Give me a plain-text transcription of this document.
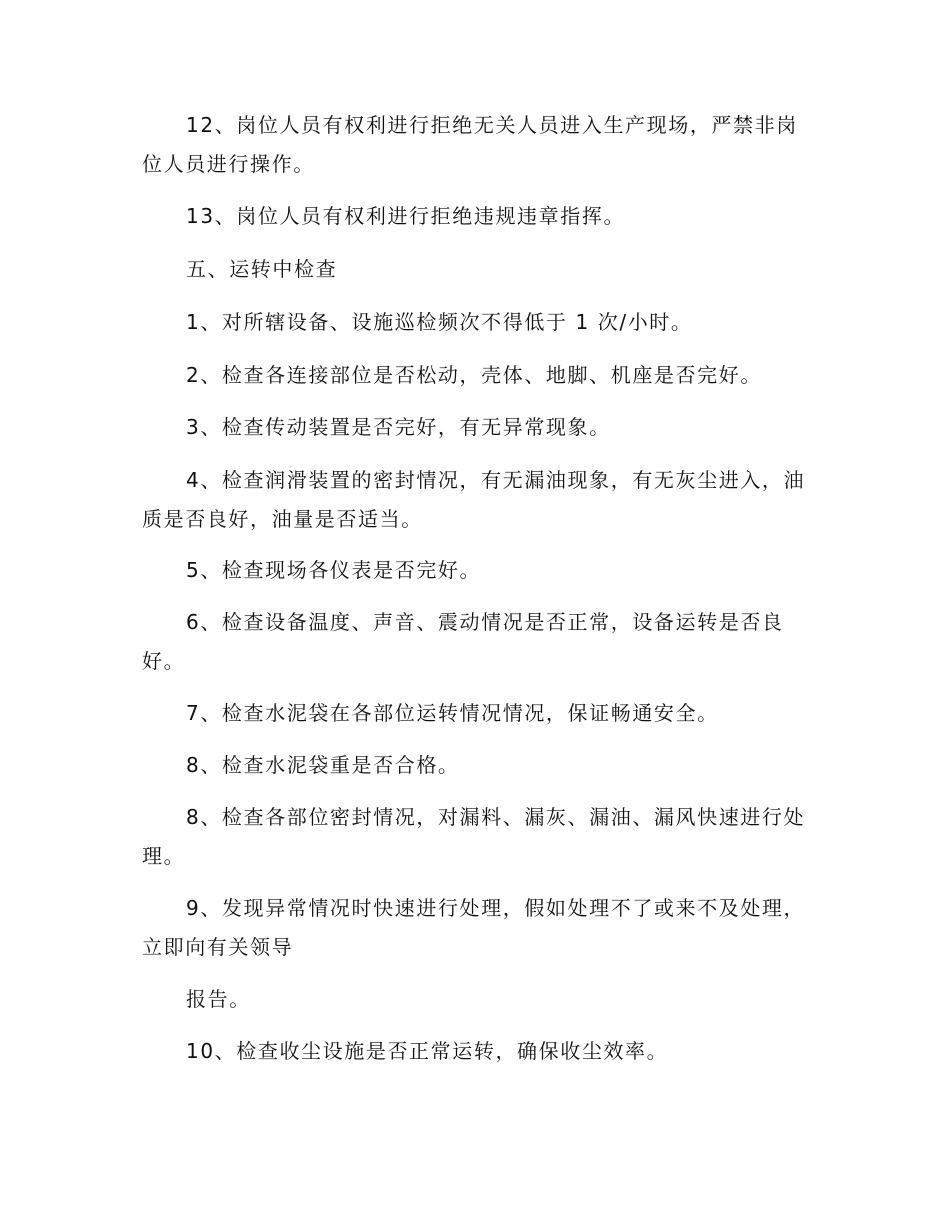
12、岗位人员有权利进行拒绝无关人员进入生产现场，严禁非岗
位人员进行操作。
13、岗位人员有权利进行拒绝违规违章指挥。
五、运转中检查
1、对所辖设备、设施巡检频次不得低于 1 次/小时。
2、检查各连接部位是否松动，壳体、地脚、机座是否完好。
3、检查传动装置是否完好，有无异常现象。
4、检查润滑装置的密封情况，有无漏油现象，有无灰尘进入，油
质是否良好，油量是否适当。
5、检查现场各仪表是否完好。
6、检查设备温度、声音、震动情况是否正常，设备运转是否良
好。
7、检查水泥袋在各部位运转情况情况，保证畅通安全。
8、检查水泥袋重是否合格。
8、检查各部位密封情况，对漏料、漏灰、漏油、漏风快速进行处
理。
9、发现异常情况时快速进行处理，假如处理不了或来不及处理，
立即向有关领导
报告。
10、检查收尘设施是否正常运转，确保收尘效率。
